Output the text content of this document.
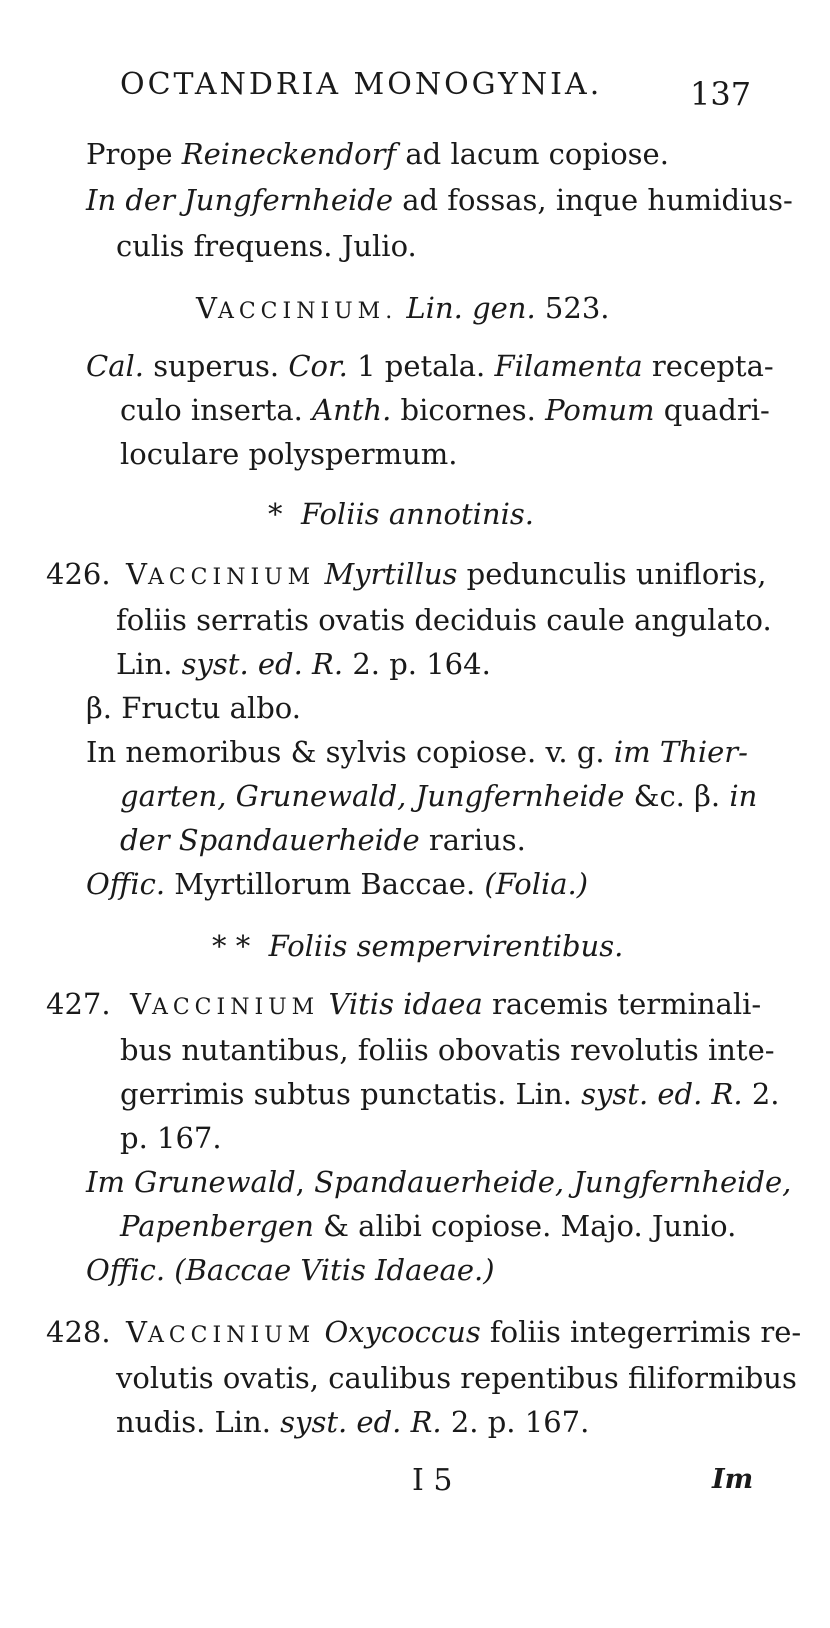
OCTANDRIA MONOGYNIA.	137
Prope Reineckendorf ad lacum copiose.
In der Jungfernheide ad fossas, inque humidius-
culis frequens. Julio.
VACCINIUM. Lin. gen. 523.
Cal. superus. Cor. 1 petala. Filamenta recepta-
culo inserta. Anth. bicornes. Pomum quadri-
loculare polyspermum.
* Foliis annotinis.
426. VACCINIUM Myrtillus pedunculis unifloris,
foliis serratis ovatis deciduis caule angulato.
Lin. syst. ed. R. 2. p. 164.
β. Fructu albo.
In nemoribus & sylvis copiose. v. g. im Thier-
garten, Grunewald, Jungfernheide &c. β. in
der Spandauerheide rarius.
Offic. Myrtillorum Baccae. (Folia.)
* * Foliis sempervirentibus.
427. VACCINIUM Vitis idaea racemis terminali-
bus nutantibus, foliis obovatis revolutis inte-
gerrimis subtus punctatis. Lin. syst. ed. R. 2.
p. 167.
Im Grunewald, Spandauerheide, Jungfernheide,
Papenbergen & alibi copiose. Majo. Junio.
Offic. (Baccae Vitis Idaeae.)
428. VACCINIUM Oxycoccus foliis integerrimis re-
volutis ovatis, caulibus repentibus filiformibus
nudis. Lin. syst. ed. R. 2. p. 167.
I 5	Im
